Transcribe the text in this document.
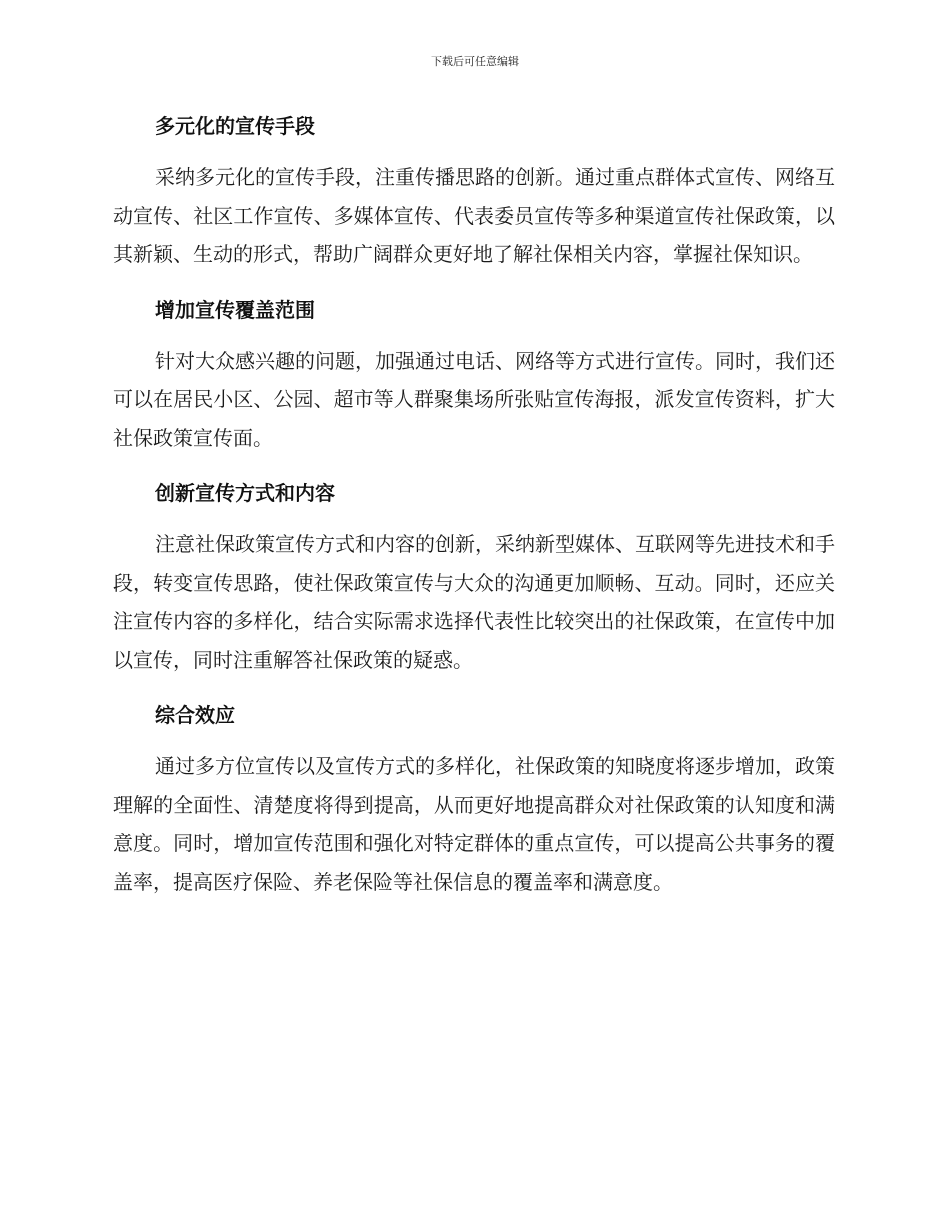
下载后可任意编辑
多元化的宣传手段

采纳多元化的宣传手段，注重传播思路的创新。通过重点群体式宣传、网络互动宣传、社区工作宣传、多媒体宣传、代表委员宣传等多种渠道宣传社保政策，以其新颖、生动的形式，帮助广阔群众更好地了解社保相关内容，掌握社保知识。

增加宣传覆盖范围

针对大众感兴趣的问题，加强通过电话、网络等方式进行宣传。同时，我们还可以在居民小区、公园、超市等人群聚集场所张贴宣传海报，派发宣传资料，扩大社保政策宣传面。

创新宣传方式和内容

注意社保政策宣传方式和内容的创新，采纳新型媒体、互联网等先进技术和手段，转变宣传思路，使社保政策宣传与大众的沟通更加顺畅、互动。同时，还应关注宣传内容的多样化，结合实际需求选择代表性比较突出的社保政策，在宣传中加以宣传，同时注重解答社保政策的疑惑。

综合效应

通过多方位宣传以及宣传方式的多样化，社保政策的知晓度将逐步增加，政策理解的全面性、清楚度将得到提高，从而更好地提高群众对社保政策的认知度和满意度。同时，增加宣传范围和强化对特定群体的重点宣传，可以提高公共事务的覆盖率，提高医疗保险、养老保险等社保信息的覆盖率和满意度。
